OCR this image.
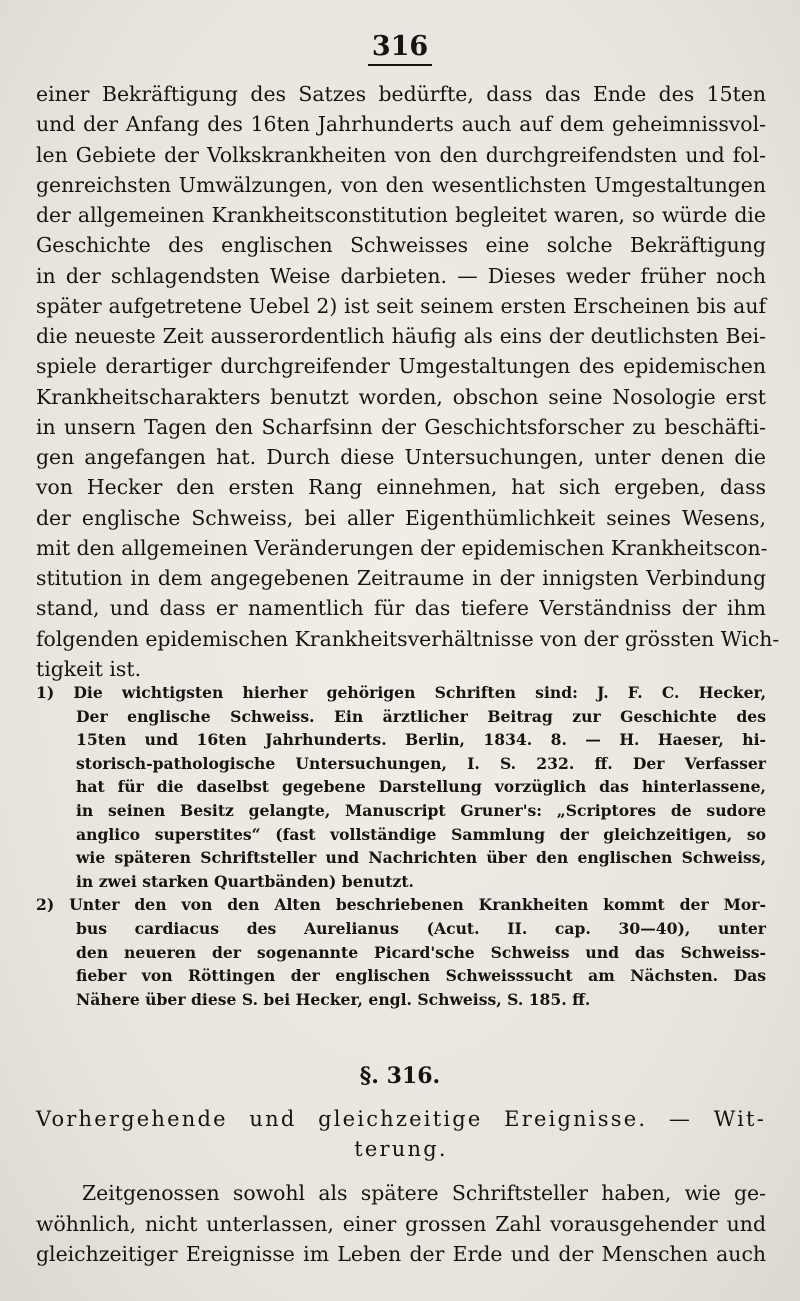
316
einer Bekräftigung des Satzes bedürfte, dass das Ende des 15ten
und der Anfang des 16ten Jahrhunderts auch auf dem geheimnissvol-
len Gebiete der Volkskrankheiten von den durchgreifendsten und fol-
genreichsten Umwälzungen, von den wesentlichsten Umgestaltungen
der allgemeinen Krankheitsconstitution begleitet waren, so würde die
Geschichte des englischen Schweisses eine solche Bekräftigung
in der schlagendsten Weise darbieten. — Dieses weder früher noch
später aufgetretene Uebel 2) ist seit seinem ersten Erscheinen bis auf
die neueste Zeit ausserordentlich häufig als eins der deutlichsten Bei-
spiele derartiger durchgreifender Umgestaltungen des epidemischen
Krankheitscharakters benutzt worden, obschon seine Nosologie erst
in unsern Tagen den Scharfsinn der Geschichtsforscher zu beschäfti-
gen angefangen hat. Durch diese Untersuchungen, unter denen die
von Hecker den ersten Rang einnehmen, hat sich ergeben, dass
der englische Schweiss, bei aller Eigenthümlichkeit seines Wesens,
mit den allgemeinen Veränderungen der epidemischen Krankheitscon-
stitution in dem angegebenen Zeitraume in der innigsten Verbindung
stand, und dass er namentlich für das tiefere Verständniss der ihm
folgenden epidemischen Krankheitsverhältnisse von der grössten Wich-
tigkeit ist.
1) Die wichtigsten hierher gehörigen Schriften sind: J. F. C. Hecker,
Der englische Schweiss. Ein ärztlicher Beitrag zur Geschichte des
15ten und 16ten Jahrhunderts. Berlin, 1834. 8. — H. Haeser, hi-
storisch-pathologische Untersuchungen, I. S. 232. ff. Der Verfasser
hat für die daselbst gegebene Darstellung vorzüglich das hinterlassene,
in seinen Besitz gelangte, Manuscript Gruner's: „Scriptores de sudore
anglico superstites“ (fast vollständige Sammlung der gleichzeitigen, so
wie späteren Schriftsteller und Nachrichten über den englischen Schweiss,
in zwei starken Quartbänden) benutzt.
2) Unter den von den Alten beschriebenen Krankheiten kommt der Mor-
bus cardiacus des Aurelianus (Acut. II. cap. 30—40), unter
den neueren der sogenannte Picard'sche Schweiss und das Schweiss-
fieber von Röttingen der englischen Schweisssucht am Nächsten. Das
Nähere über diese S. bei Hecker, engl. Schweiss, S. 185. ff.
§. 316.
Vorhergehende und gleichzeitige Ereignisse. — Wit-
terung.
Zeitgenossen sowohl als spätere Schriftsteller haben, wie ge-
wöhnlich, nicht unterlassen, einer grossen Zahl vorausgehender und
gleichzeitiger Ereignisse im Leben der Erde und der Menschen auch
